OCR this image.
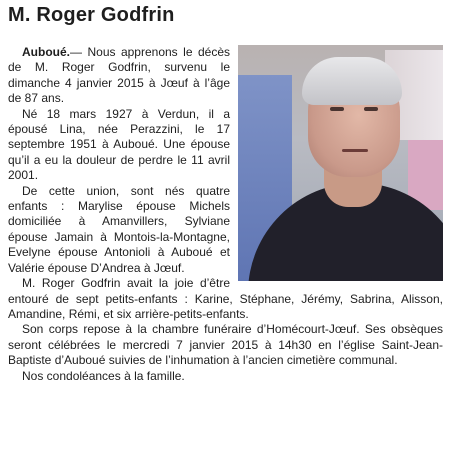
M. Roger Godfrin

Auboué.— Nous apprenons le décès de M. Roger Godfrin, survenu le dimanche 4 janvier 2015 à Jœuf à l’âge de 87 ans.

Né 18 mars 1927 à Verdun, il a épousé Lina, née Perazzini, le 17 septembre 1951 à Auboué. Une épouse qu’il a eu la douleur de perdre le 11 avril 2001.

De cette union, sont nés quatre enfants : Marylise épouse Michels domiciliée à Amanvillers, Sylviane épouse Jamain à Montois-la-Montagne, Evelyne épouse Antonioli à Auboué et Valérie épouse D’Andrea à Jœuf.

M. Roger Godfrin avait la joie d’être entouré de sept petits-enfants : Karine, Stéphane, Jérémy, Sabrina, Alisson, Amandine, Rémi, et six arrière-petits-enfants.

Son corps repose à la chambre funéraire d’Homécourt-Jœuf. Ses obsèques seront célébrées le mercredi 7 janvier 2015 à 14h30 en l’église Saint-Jean-Baptiste d’Auboué suivies de l’inhumation à l’ancien cimetière communal.

Nos condoléances à la famille.
